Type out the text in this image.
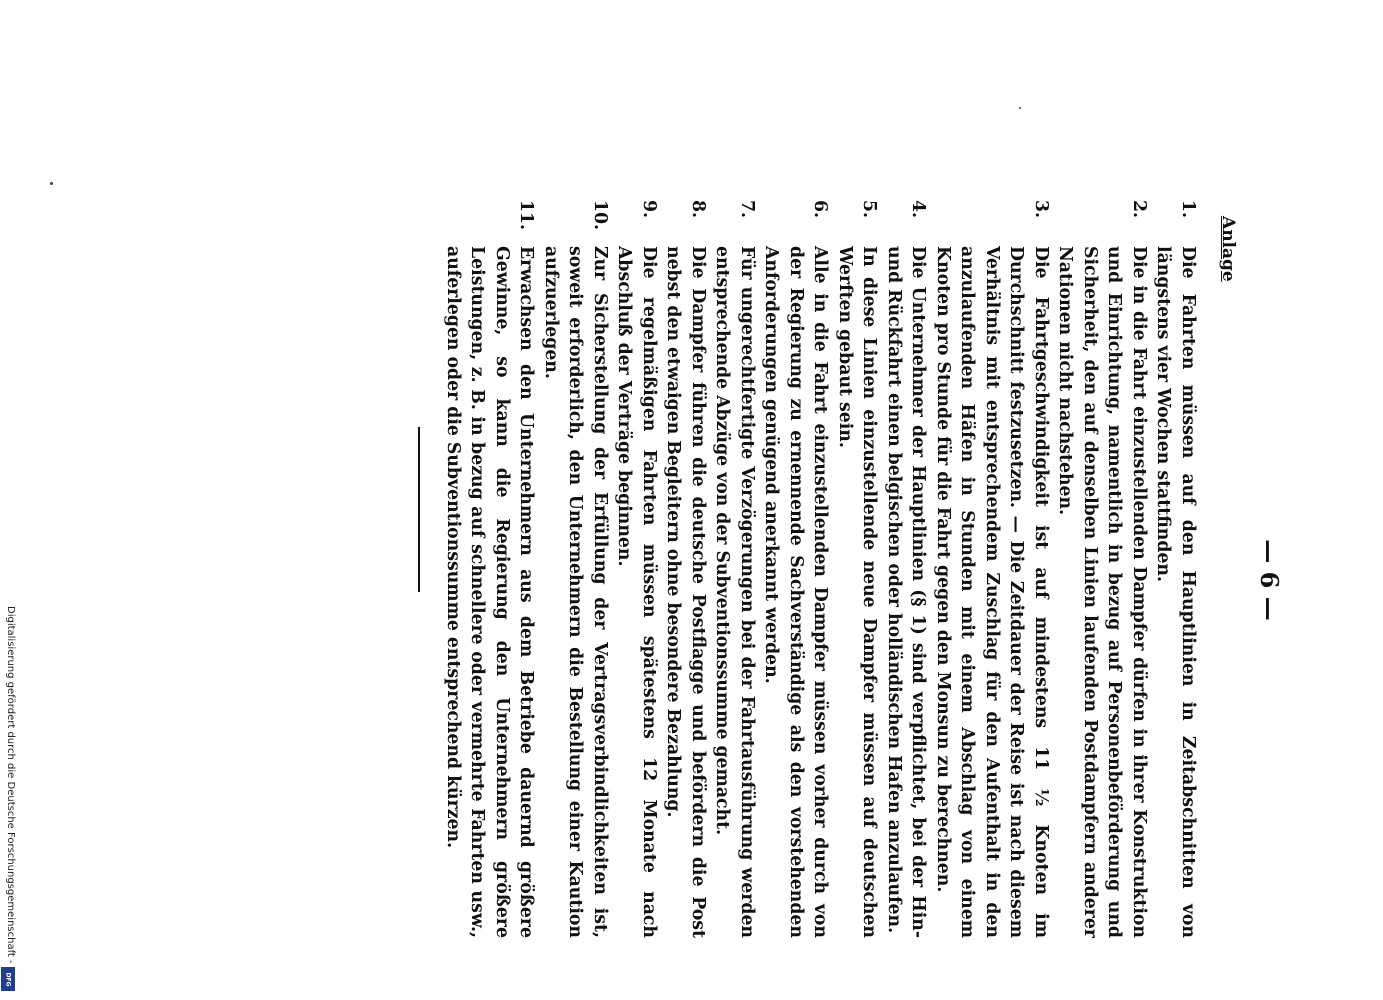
— 6 —
Anlage
1.
Die Fahrten müssen auf den Hauptlinien in Zeitabschnitten von längstens vier Wochen stattfinden.
2.
Die in die Fahrt einzustellenden Dampfer dürfen in ihrer Konstruktion und Einrichtung, namentlich in bezug auf Personenbeförderung und Sicherheit, den auf denselben Linien laufenden Postdampfern anderer Nationen nicht nachstehen.
3.
Die Fahrtgeschwindigkeit ist auf mindestens 11 ½ Knoten im Durchschnitt festzusetzen. — Die Zeitdauer der Reise ist nach diesem Verhältnis mit entsprechendem Zuschlag für den Aufenthalt in den anzulaufenden Häfen in Stunden mit einem Abschlag von einem Knoten pro Stunde für die Fahrt gegen den Monsun zu berechnen.
4.
Die Unternehmer der Hauptlinien (§ 1) sind verpflichtet, bei der Hin- und Rückfahrt einen belgischen oder holländischen Hafen anzulaufen.
5.
In diese Linien einzustellende neue Dampfer müssen auf deutschen Werften gebaut sein.
6.
Alle in die Fahrt einzustellenden Dampfer müssen vorher durch von der Regierung zu ernennende Sachverständige als den vorstehenden Anforderungen genügend anerkannt werden.
7.
Für ungerechtfertigte Verzögerungen bei der Fahrtausführung werden entsprechende Abzüge von der Subventionssumme gemacht.
8.
Die Dampfer führen die deutsche Postflagge und befördern die Post nebst den etwaigen Begleitern ohne besondere Bezahlung.
9.
Die regelmäßigen Fahrten müssen spätestens 12 Monate nach Abschluß der Verträge beginnen.
10.
Zur Sicherstellung der Erfüllung der Vertragsverbindlichkeiten ist, soweit erforderlich, den Unternehmern die Bestellung einer Kaution aufzuerlegen.
11.
Erwachsen den Unternehmern aus dem Betriebe dauernd größere Gewinne, so kann die Regierung den Unternehmern größere Leistungen, z. B. in bezug auf schnellere oder vermehrte Fahrten usw., auferlegen oder die Subventionssumme entsprechend kürzen.
Digitalisierung gefördert durch die Deutsche Forschungsgemeinschaft -
DFG
